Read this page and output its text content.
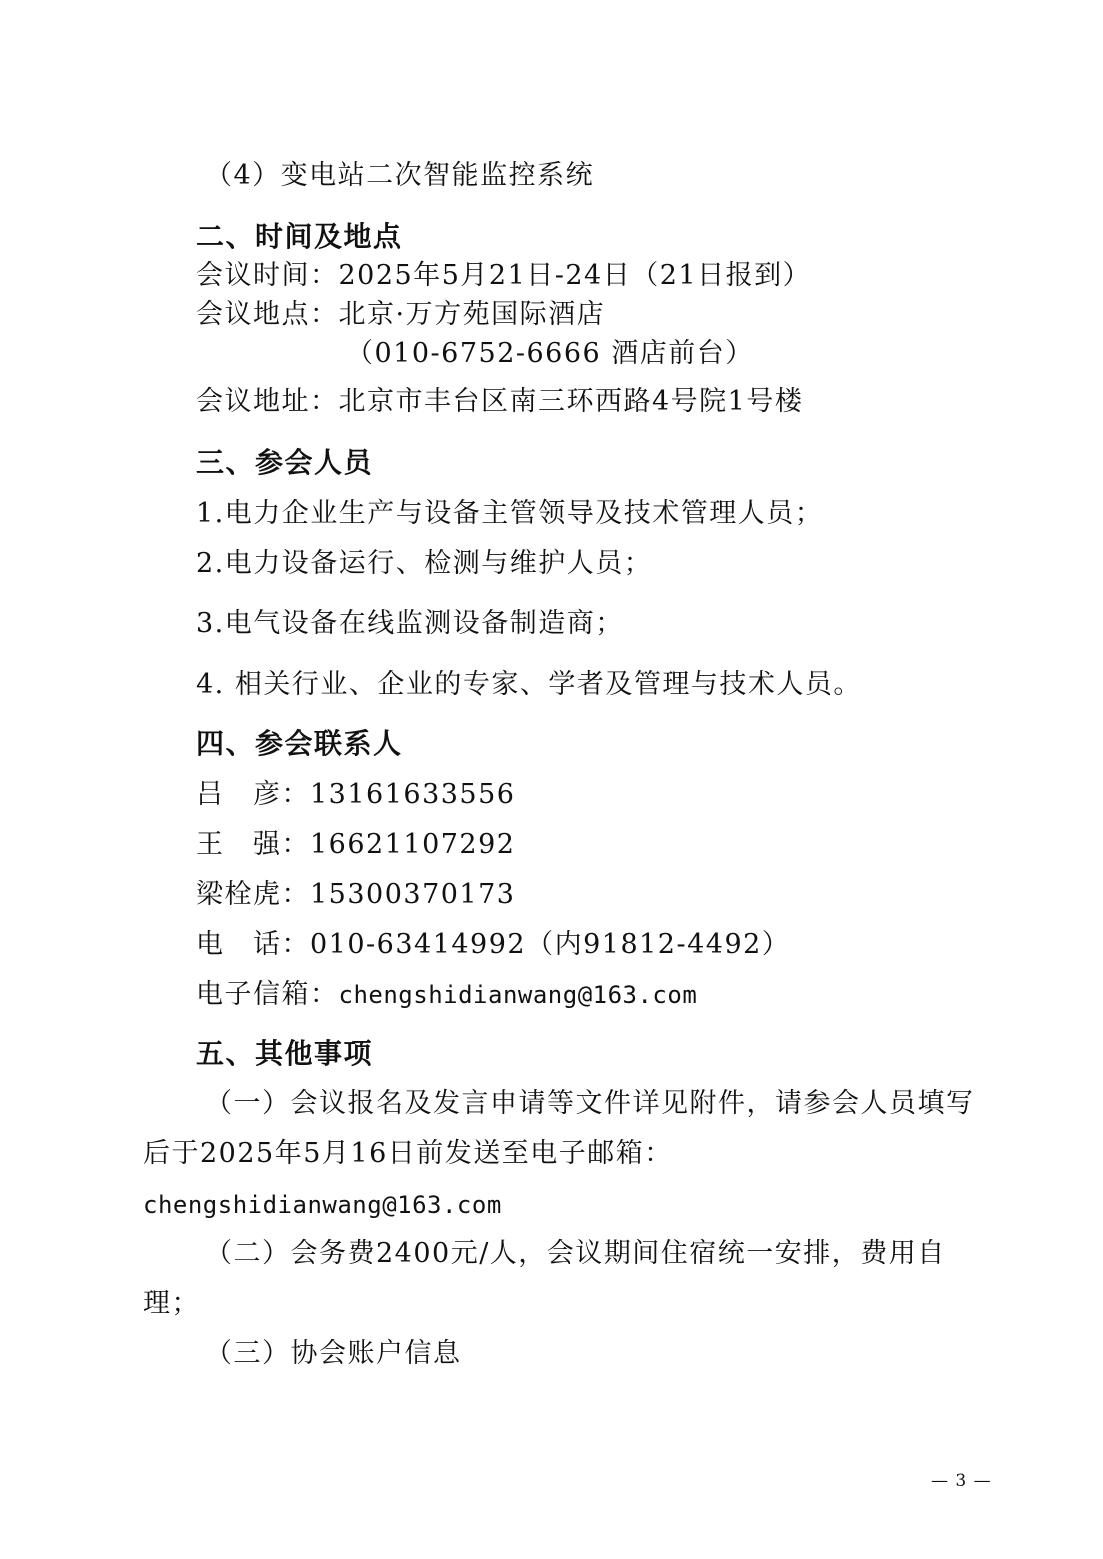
（4）变电站二次智能监控系统
二、时间及地点
会议时间：2025年5月21日-24日（21日报到）
会议地点：北京·万方苑国际酒店
（010-6752-6666 酒店前台）
会议地址：北京市丰台区南三环西路4号院1号楼
三、参会人员
1.电力企业生产与设备主管领导及技术管理人员；
2.电力设备运行、检测与维护人员；
3.电气设备在线监测设备制造商；
4. 相关行业、企业的专家、学者及管理与技术人员。
四、参会联系人
吕　彦：13161633556
王　强：16621107292
梁栓虎：15300370173
电　话：010-63414992（内91812-4492）
电子信箱：chengshidianwang@163.com
五、其他事项
（一）会议报名及发言申请等文件详见附件，请参会人员填写
后于2025年5月16日前发送至电子邮箱：
chengshidianwang@163.com
（二）会务费2400元/人，会议期间住宿统一安排，费用自
理；
（三）协会账户信息
— 3 —
